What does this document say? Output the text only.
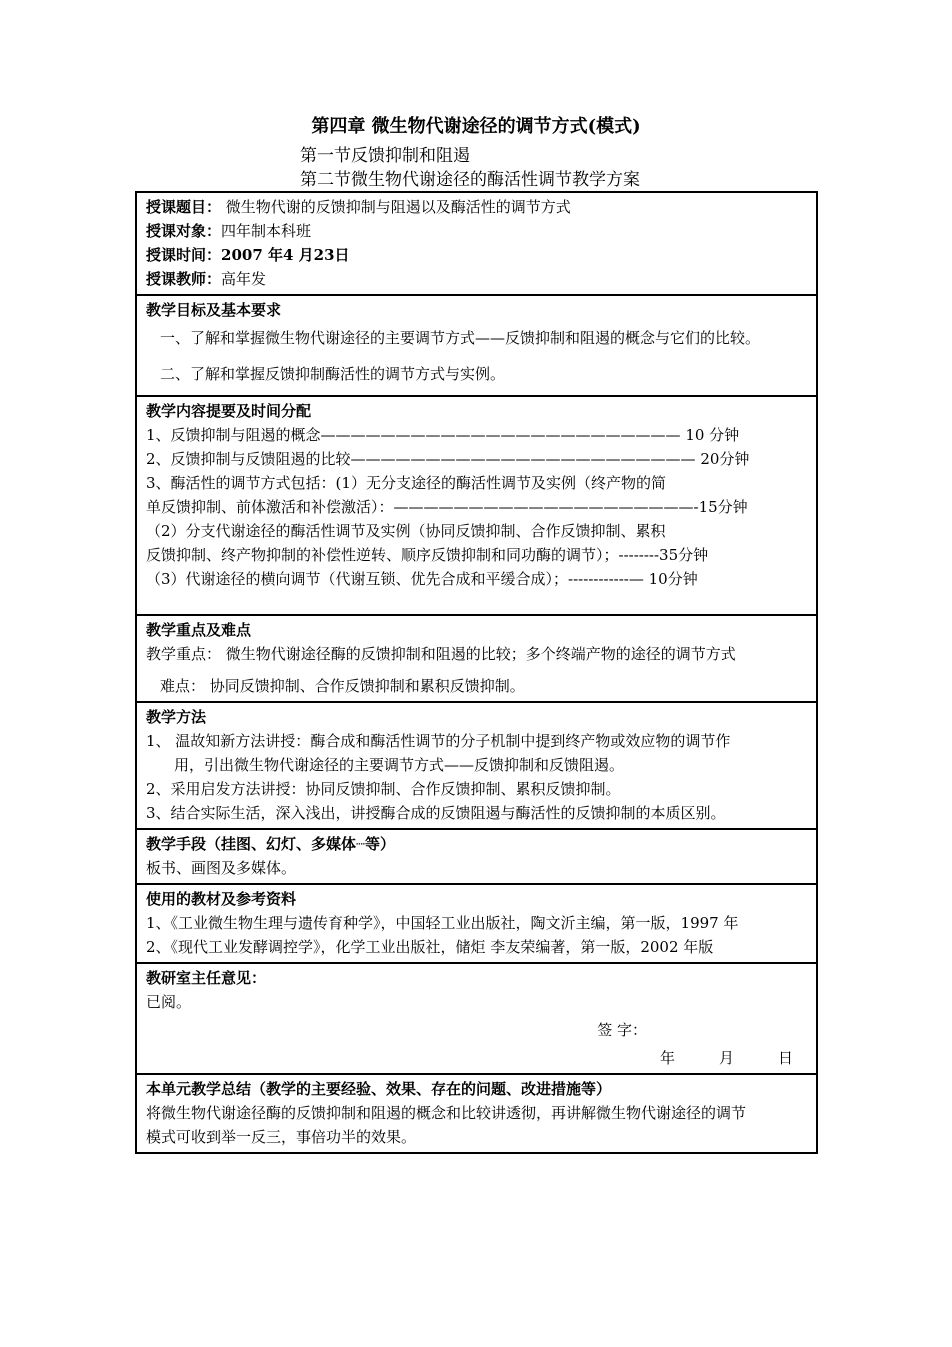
第四章 微生物代谢途径的调节方式(模式)
第一节反馈抑制和阻遏
第二节微生物代谢途径的酶活性调节教学方案
授课题目： 微生物代谢的反馈抑制与阻遏以及酶活性的调节方式
授课对象：四年制本科班
授课时间：2007 年4 月23日
授课教师：高年发

教学目标及基本要求
一、了解和掌握微生物代谢途径的主要调节方式——反馈抑制和阻遏的概念与它们的比较。
二、了解和掌握反馈抑制酶活性的调节方式与实例。

教学内容提要及时间分配
1、反馈抑制与阻遏的概念———————————————————————— 10 分钟
2、反馈抑制与反馈阻遏的比较——————————————————————— 20分钟
3、酶活性的调节方式包括：(1）无分支途径的酶活性调节及实例（终产物的简
单反馈抑制、前体激活和补偿激活）：————————————————————-15分钟
（2）分支代谢途径的酶活性调节及实例（协同反馈抑制、合作反馈抑制、累积
反馈抑制、终产物抑制的补偿性逆转、顺序反馈抑制和同功酶的调节）；--------35分钟
（3）代谢途径的横向调节（代谢互锁、优先合成和平缓合成）；------------— 10分钟

教学重点及难点
教学重点： 微生物代谢途径酶的反馈抑制和阻遏的比较；多个终端产物的途径的调节方式
难点： 协同反馈抑制、合作反馈抑制和累积反馈抑制。

教学方法
1、 温故知新方法讲授：酶合成和酶活性调节的分子机制中提到终产物或效应物的调节作
用，引出微生物代谢途径的主要调节方式——反馈抑制和反馈阻遏。
2、采用启发方法讲授：协同反馈抑制、合作反馈抑制、累积反馈抑制。
3、结合实际生活，深入浅出，讲授酶合成的反馈阻遏与酶活性的反馈抑制的本质区别。

教学手段（挂图、幻灯、多媒体┈等）
板书、画图及多媒体。

使用的教材及参考资料
1、《工业微生物生理与遗传育种学》，中国轻工业出版社，陶文沂主编，第一版，1997 年
2、《现代工业发酵调控学》，化学工业出版社，储炬 李友荣编著，第一版，2002 年版

教研室主任意见：
已阅。
签 字：
年	月	日

本单元教学总结（教学的主要经验、效果、存在的问题、改进措施等）
将微生物代谢途径酶的反馈抑制和阻遏的概念和比较讲透彻，再讲解微生物代谢途径的调节
模式可收到举一反三，事倍功半的效果。
